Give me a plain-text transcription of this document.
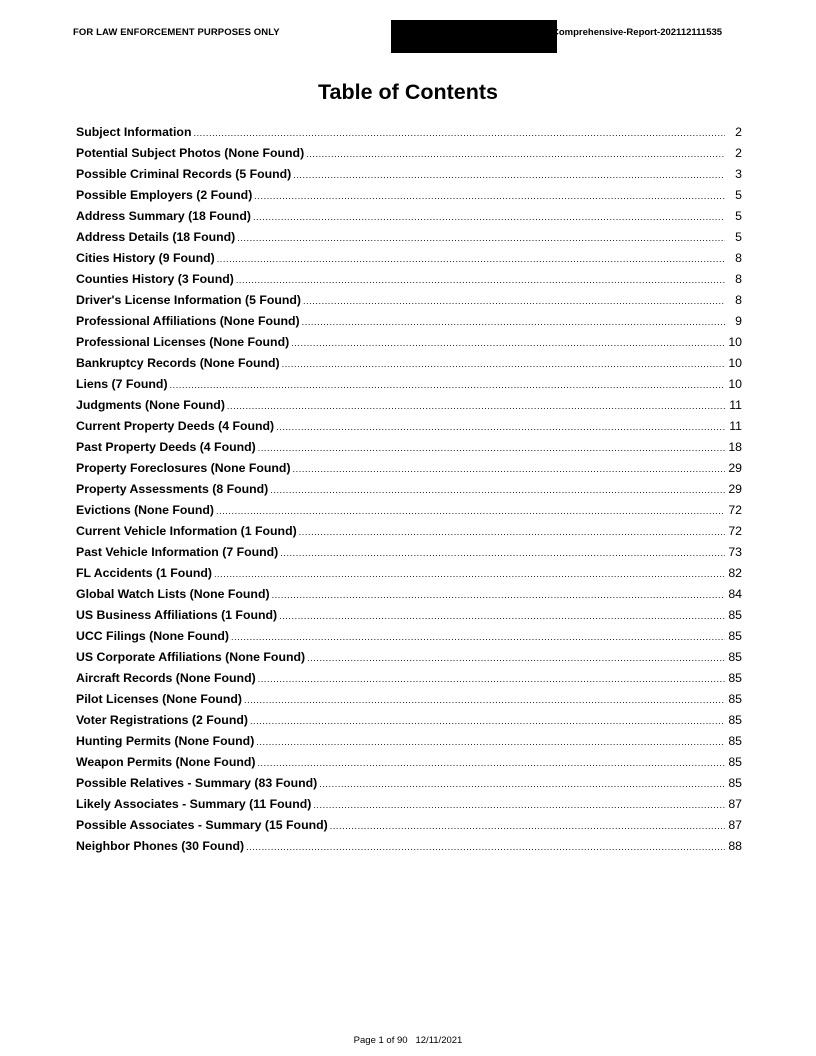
FOR LAW ENFORCEMENT PURPOSES ONLY	Comprehensive-Report-202112111535
Table of Contents
Subject Information .....	2
Potential Subject Photos (None Found) .....	2
Possible Criminal Records (5 Found) .....	3
Possible Employers (2 Found) .....	5
Address Summary (18 Found) .....	5
Address Details (18 Found) .....	5
Cities History (9 Found) .....	8
Counties History (3 Found) .....	8
Driver's License Information (5 Found) .....	8
Professional Affiliations (None Found) .....	9
Professional Licenses (None Found) .....	10
Bankruptcy Records (None Found) .....	10
Liens (7 Found) .....	10
Judgments (None Found) .....	11
Current Property Deeds (4 Found) .....	11
Past Property Deeds (4 Found) .....	18
Property Foreclosures (None Found) .....	29
Property Assessments (8 Found) .....	29
Evictions (None Found) .....	72
Current Vehicle Information (1 Found) .....	72
Past Vehicle Information (7 Found) .....	73
FL Accidents (1 Found) .....	82
Global Watch Lists (None Found) .....	84
US Business Affiliations (1 Found) .....	85
UCC Filings (None Found) .....	85
US Corporate Affiliations (None Found) .....	85
Aircraft Records (None Found) .....	85
Pilot Licenses (None Found) .....	85
Voter Registrations (2 Found) .....	85
Hunting Permits (None Found) .....	85
Weapon Permits (None Found) .....	85
Possible Relatives - Summary (83 Found) .....	85
Likely Associates - Summary (11 Found) .....	87
Possible Associates - Summary (15 Found) .....	87
Neighbor Phones (30 Found) .....	88
Page 1 of 90 12/11/2021
